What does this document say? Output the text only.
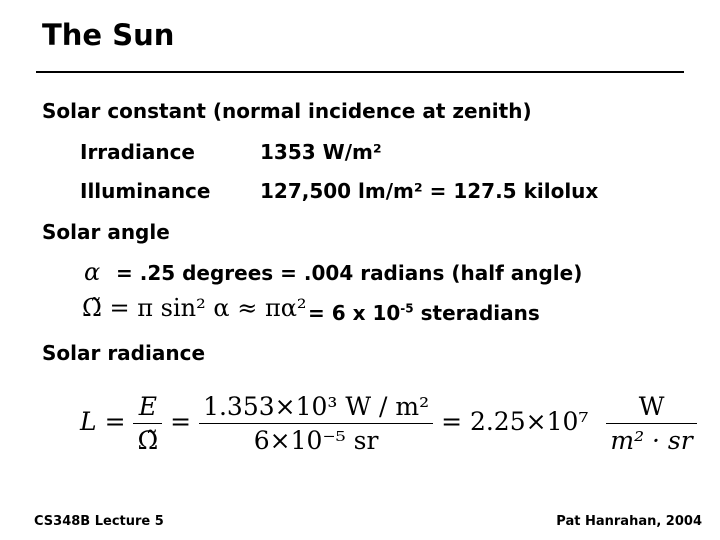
The Sun
Solar constant (normal incidence at zenith)
Irradiance	1353 W/m²
Illuminance 127,500 lm/m² = 127.5 kilolux
Solar angle
α = .25 degrees = .004 radians (half angle)
Ω̃ = π sin² α ≈ πα² = 6 x $10^{-5}$ steradians
Solar radiance
$L = \frac{E}{\Omegã} = \frac{\text{1.353×10³ W / m²}}{\text{6×10⁻⁵ sr}} = 2.25\times 10^7 \frac{W}{\text{m² · sr}}$
CS348B Lecture 5	Pat Hanrahan, 2004
